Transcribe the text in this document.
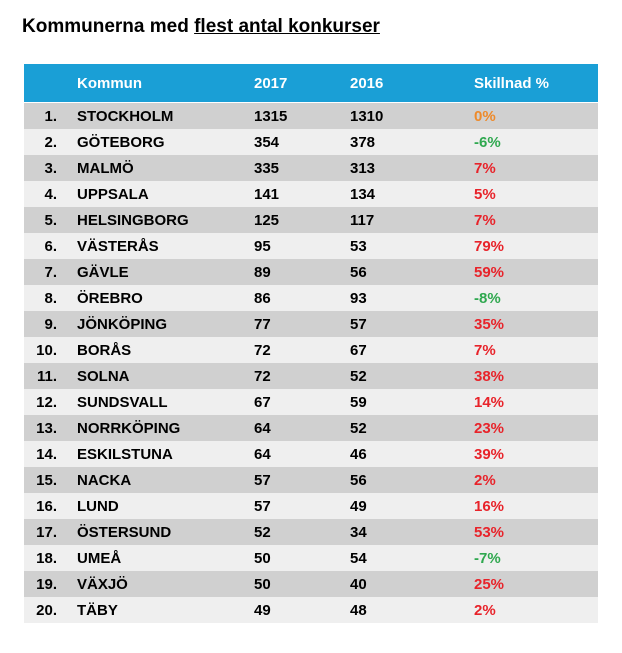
Kommunerna med flest antal konkurser
Kommun	2017	2016	Skillnad %
1. STOCKHOLM	1315	1310	0%
2. GÖTEBORG	354	378	-6%
3. MALMÖ	335	313	7%
4. UPPSALA	141	134	5%
5. HELSINGBORG	125	117	7%
6. VÄSTERÅS	95	53	79%
7. GÄVLE	89	56	59%
8. ÖREBRO	86	93	-8%
9. JÖNKÖPING	77	57	35%
10. BORÅS	72	67	7%
11. SOLNA	72	52	38%
12. SUNDSVALL	67	59	14%
13. NORRKÖPING	64	52	23%
14. ESKILSTUNA	64	46	39%
15. NACKA	57	56	2%
16. LUND	57	49	16%
17. ÖSTERSUND	52	34	53%
18. UMEÅ	50	54	-7%
19. VÄXJÖ	50	40	25%
20. TÄBY	49	48	2%
